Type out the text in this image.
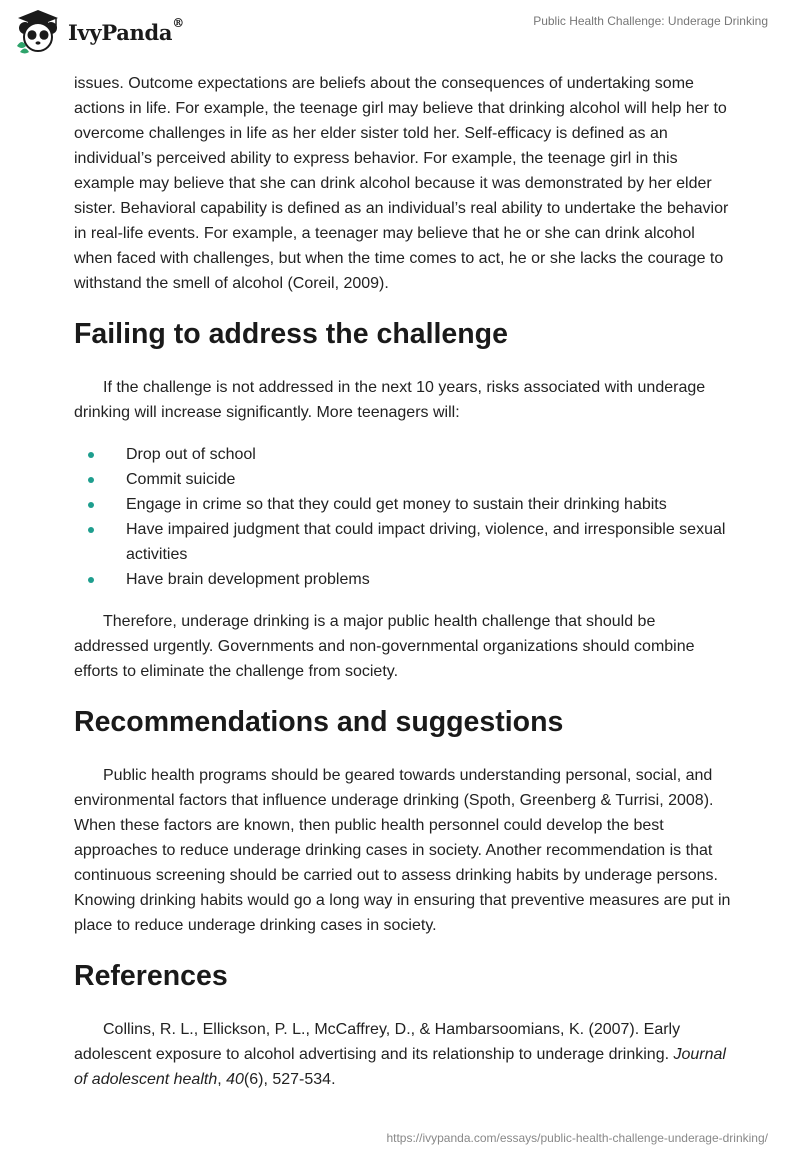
IvyPanda®	Public Health Challenge: Underage Drinking

issues. Outcome expectations are beliefs about the consequences of undertaking some actions in life. For example, the teenage girl may believe that drinking alcohol will help her to overcome challenges in life as her elder sister told her. Self-efficacy is defined as an individual’s perceived ability to express behavior. For example, the teenage girl in this example may believe that she can drink alcohol because it was demonstrated by her elder sister. Behavioral capability is defined as an individual’s real ability to undertake the behavior in real-life events. For example, a teenager may believe that he or she can drink alcohol when faced with challenges, but when the time comes to act, he or she lacks the courage to withstand the smell of alcohol (Coreil, 2009).

Failing to address the challenge

If the challenge is not addressed in the next 10 years, risks associated with underage drinking will increase significantly. More teenagers will:

Drop out of school
Commit suicide
Engage in crime so that they could get money to sustain their drinking habits
Have impaired judgment that could impact driving, violence, and irresponsible sexual activities
Have brain development problems

Therefore, underage drinking is a major public health challenge that should be addressed urgently. Governments and non-governmental organizations should combine efforts to eliminate the challenge from society.

Recommendations and suggestions

Public health programs should be geared towards understanding personal, social, and environmental factors that influence underage drinking (Spoth, Greenberg & Turrisi, 2008). When these factors are known, then public health personnel could develop the best approaches to reduce underage drinking cases in society. Another recommendation is that continuous screening should be carried out to assess drinking habits by underage persons. Knowing drinking habits would go a long way in ensuring that preventive measures are put in place to reduce underage drinking cases in society.

References

Collins, R. L., Ellickson, P. L., McCaffrey, D., & Hambarsoomians, K. (2007). Early adolescent exposure to alcohol advertising and its relationship to underage drinking. Journal of adolescent health, 40(6), 527-534.

https://ivypanda.com/essays/public-health-challenge-underage-drinking/
